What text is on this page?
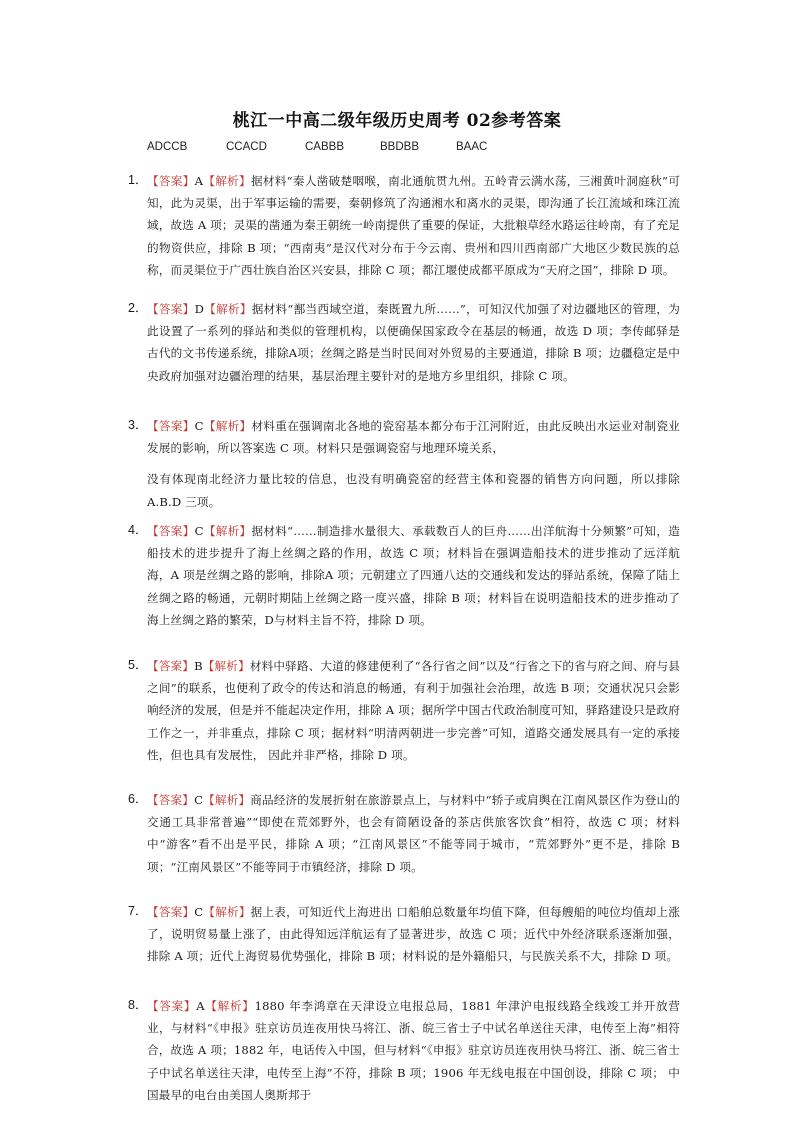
桃江一中高二级年级历史周考 02参考答案
ADCCB	CCACD	CABBB	BBDBB	BAAC
1． 【答案】A【解析】据材料“秦人凿破楚咽喉，南北通航贯九州。五岭青云满水荡，三湘黄叶洞庭秋”可知，此为灵渠，出于军事运输的需要，秦朝修筑了沟通湘水和离水的灵渠，即沟通了长江流域和珠江流域，故选 A 项；灵渠的凿通为秦王朝统一岭南提供了重要的保证，大批粮草经水路运往岭南，有了充足的物资供应，排除 B 项；“西南夷”是汉代对分布于今云南、贵州和四川西南部广大地区少数民族的总称，而灵渠位于广西壮族自治区兴安县，排除 C 项；都江堰使成都平原成为“天府之国”，排除 D 项。
2． 【答案】D【解析】据材料“鄯当西域空道，秦既置九所……”，可知汉代加强了对边疆地区的管理，为此设置了一系列的驿站和类似的管理机构，以便确保国家政令在基层的畅通，故选 D 项；李传邮驿是古代的文书传递系统，排除A项；丝绸之路是当时民间对外贸易的主要通道，排除 B 项；边疆稳定是中央政府加强对边疆治理的结果，基层治理主要针对的是地方乡里组织，排除 C 项。
3． 【答案】C【解析】材料重在强调南北各地的瓷窑基本都分布于江河附近，由此反映出水运业对制瓷业发展的影响，所以答案选 C 项。材料只是强调瓷窑与地理环境关系，
没有体现南北经济力量比较的信息，也没有明确瓷窑的经营主体和瓷器的销售方向问题，所以排除 A.B.D 三项。
4． 【答案】C【解析】据材料“……制造排水量很大、承载数百人的巨舟……出洋航海十分频繁”可知，造船技术的进步提升了海上丝绸之路的作用，故选 C 项；材料旨在强调造船技术的进步推动了远洋航海，A 项是丝绸之路的影响，排除A 项；元朝建立了四通八达的交通线和发达的驿站系统，保障了陆上丝绸之路的畅通，元朝时期陆上丝绸之路一度兴盛，排除 B 项；材料旨在说明造船技术的进步推动了海上丝绸之路的繁荣，D与材料主旨不符，排除 D 项。
5． 【答案】B【解析】材料中驿路、大道的修建便利了“各行省之间”以及“行省之下的省与府之间、府与县之间”的联系，也便利了政令的传达和消息的畅通，有利于加强社会治理，故选 B 项；交通状况只会影响经济的发展，但是并不能起决定作用，排除 A 项；据所学中国古代政治制度可知，驿路建设只是政府工作之一，并非重点，排除 C 项；据材料“明清两朝进一步完善”可知，道路交通发展具有一定的承接性，但也具有发展性， 因此并非严格，排除 D 项。
6． 【答案】C【解析】商品经济的发展折射在旅游景点上，与材料中“轿子或肩舆在江南风景区作为登山的交通工具非常普遍”“即使在荒郊野外，也会有简陋设备的茶店供旅客饮食”相符，故选 C 项；材料中“游客”看不出是平民，排除 A 项；“江南风景区”不能等同于城市，“荒郊野外”更不是，排除 B 项；“江南风景区”不能等同于市镇经济，排除 D 项。
7． 【答案】C【解析】据上表，可知近代上海进出 口船舶总数量年均值下降，但每艘船的吨位均值却上涨了，说明贸易量上涨了，由此得知远洋航运有了显著进步，故选 C 项；近代中外经济联系逐渐加强，排除 A 项；近代上海贸易优势强化，排除 B 项；材料说的是外籍船只，与民族关系不大，排除 D 项。
8． 【答案】A【解析】1880 年李鸿章在天津设立电报总局，1881 年津沪电报线路全线竣工并开放营业，与材料“《申报》驻京访员连夜用快马将江、浙、皖三省士子中试名单送往天津，电传至上海”相符合，故选 A 项；1882 年，电话传入中国，但与材料“《申报》驻京访员连夜用快马将江、浙、皖三省士子中试名单送往天津，电传至上海”不符，排除 B 项；1906 年无线电报在中国创设，排除 C 项； 中国最早的电台由美国人奥斯邦于
